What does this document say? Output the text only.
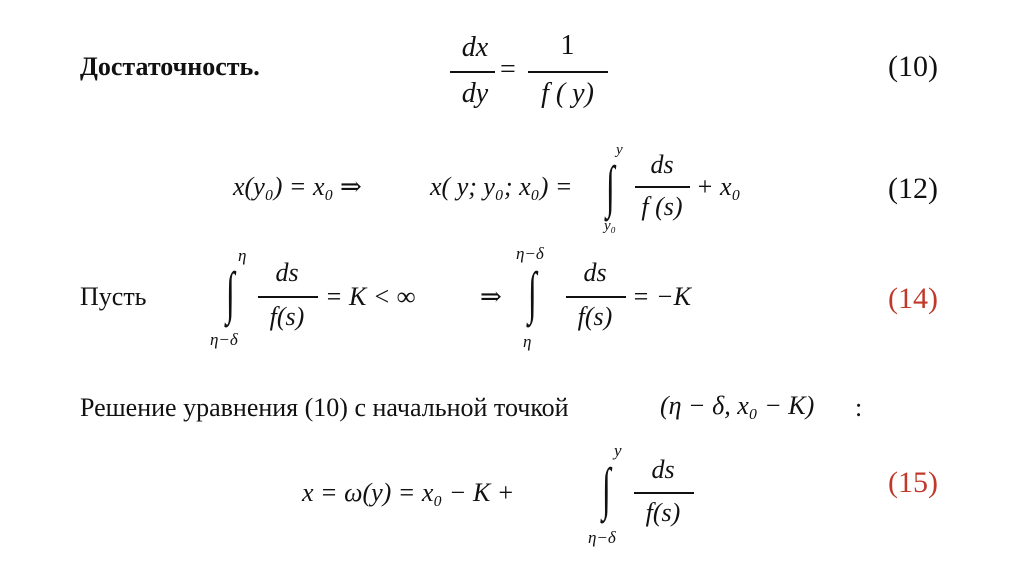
Достаточность.
dx
dy
=
1
f ( y)
(10)
x(y₀) = x₀ ⇒	x( y; y₀; x₀) =
y
∫
y₀
ds
f (s)
+ x₀	(12)
Пусть
η
∫
η−δ
ds
f(s)
= K < ∞ ⇒
η−δ
∫
η
ds
f(s)
= −K	(14)
Решение уравнения (10) с начальной точкой	(η − δ, x₀ − K) :
x = ω(y) = x₀ − K +
y
∫
η−δ
ds
f(s)
(15)
